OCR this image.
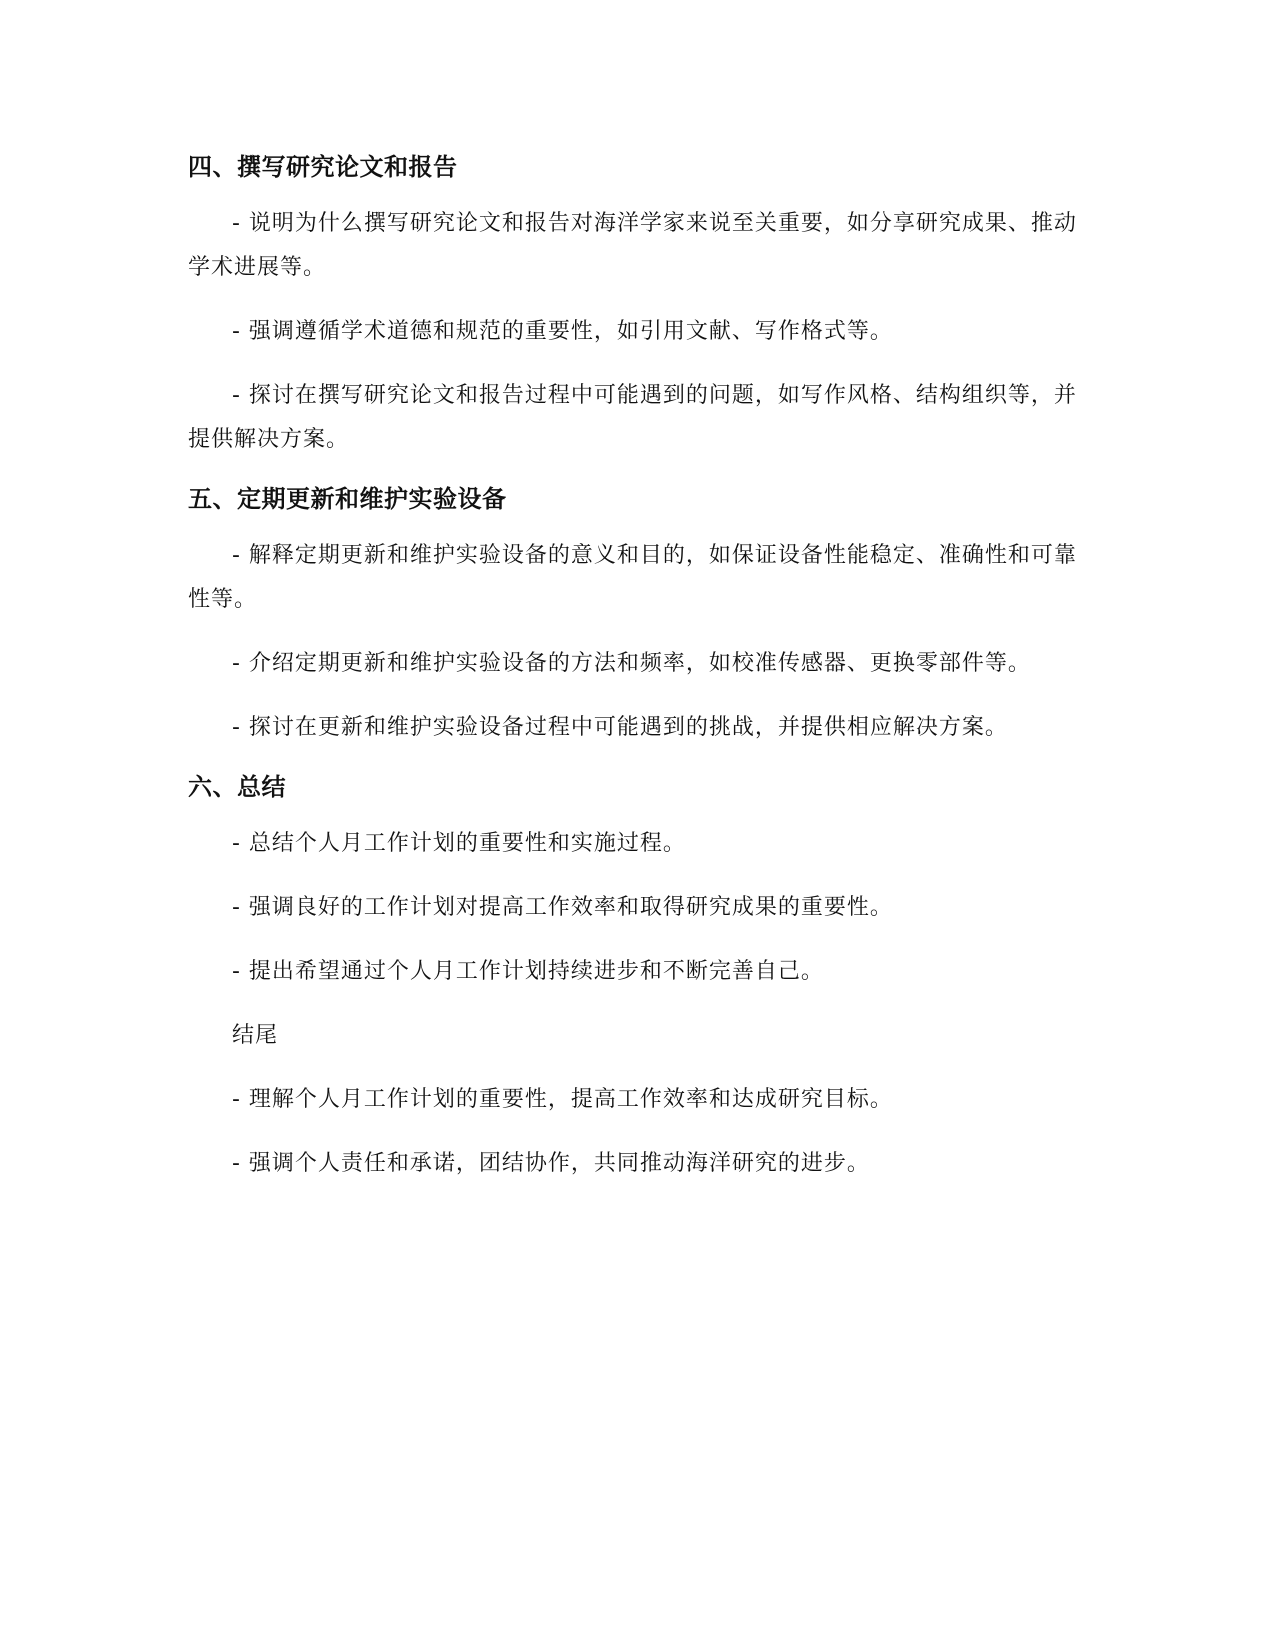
四、撰写研究论文和报告

- 说明为什么撰写研究论文和报告对海洋学家来说至关重要，如分享研究成果、推动学术进展等。

- 强调遵循学术道德和规范的重要性，如引用文献、写作格式等。

- 探讨在撰写研究论文和报告过程中可能遇到的问题，如写作风格、结构组织等，并提供解决方案。

五、定期更新和维护实验设备

- 解释定期更新和维护实验设备的意义和目的，如保证设备性能稳定、准确性和可靠性等。

- 介绍定期更新和维护实验设备的方法和频率，如校准传感器、更换零部件等。

- 探讨在更新和维护实验设备过程中可能遇到的挑战，并提供相应解决方案。

六、总结

- 总结个人月工作计划的重要性和实施过程。

- 强调良好的工作计划对提高工作效率和取得研究成果的重要性。

- 提出希望通过个人月工作计划持续进步和不断完善自己。

结尾

- 理解个人月工作计划的重要性，提高工作效率和达成研究目标。

- 强调个人责任和承诺，团结协作，共同推动海洋研究的进步。
